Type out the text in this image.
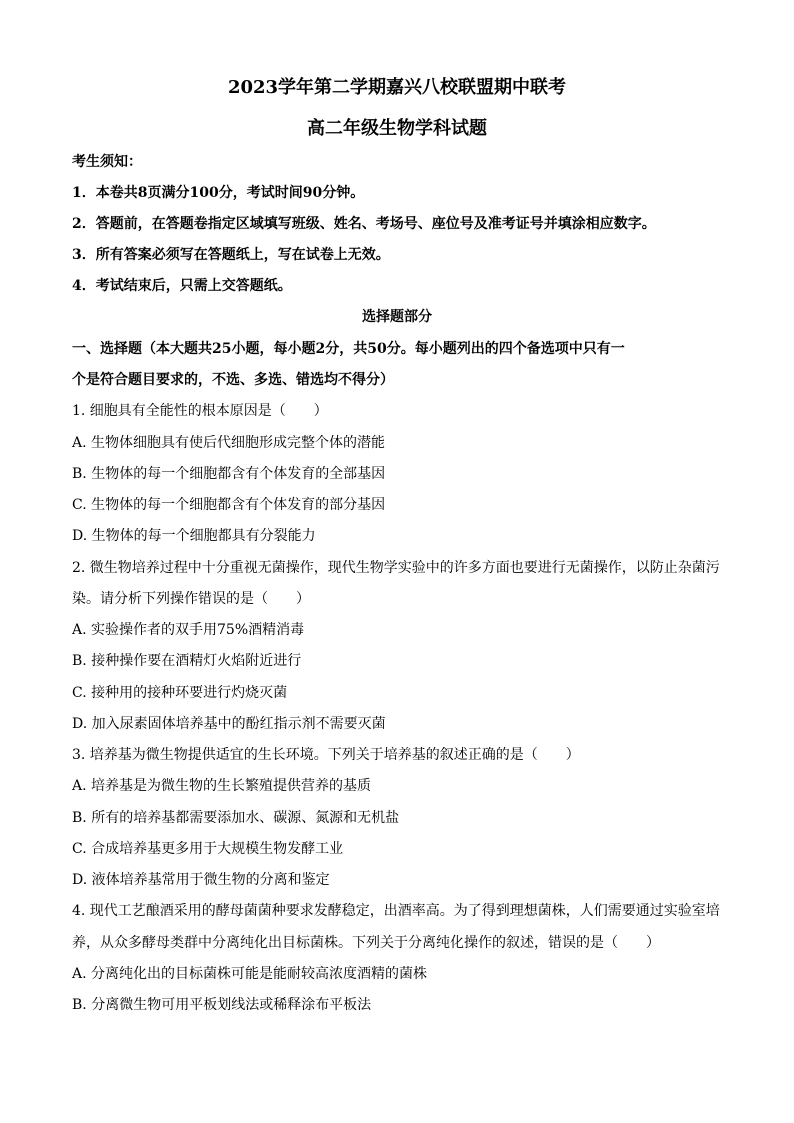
2023学年第二学期嘉兴八校联盟期中联考
高二年级生物学科试题
考生须知：
1．本卷共8页满分100分，考试时间90分钟。
2．答题前，在答题卷指定区域填写班级、姓名、考场号、座位号及准考证号并填涂相应数字。
3．所有答案必须写在答题纸上，写在试卷上无效。
4．考试结束后，只需上交答题纸。
选择题部分
一、选择题（本大题共25小题，每小题2分，共50分。每小题列出的四个备选项中只有一
个是符合题目要求的，不选、多选、错选均不得分）
1. 细胞具有全能性的根本原因是（　　）
A. 生物体细胞具有使后代细胞形成完整个体的潜能
B. 生物体的每一个细胞都含有个体发育的全部基因
C. 生物体的每一个细胞都含有个体发育的部分基因
D. 生物体的每一个细胞都具有分裂能力
2. 微生物培养过程中十分重视无菌操作，现代生物学实验中的许多方面也要进行无菌操作，以防止杂菌污
染。请分析下列操作错误的是（　　）
A. 实验操作者的双手用75%酒精消毒
B. 接种操作要在酒精灯火焰附近进行
C. 接种用的接种环要进行灼烧灭菌
D. 加入尿素固体培养基中的酚红指示剂不需要灭菌
3. 培养基为微生物提供适宜的生长环境。下列关于培养基的叙述正确的是（　　）
A. 培养基是为微生物的生长繁殖提供营养的基质
B. 所有的培养基都需要添加水、碳源、氮源和无机盐
C. 合成培养基更多用于大规模生物发酵工业
D. 液体培养基常用于微生物的分离和鉴定
4. 现代工艺酿酒采用的酵母菌菌种要求发酵稳定，出酒率高。为了得到理想菌株，人们需要通过实验室培
养，从众多酵母类群中分离纯化出目标菌株。下列关于分离纯化操作的叙述，错误的是（　　）
A. 分离纯化出的目标菌株可能是能耐较高浓度酒精的菌株
B. 分离微生物可用平板划线法或稀释涂布平板法
